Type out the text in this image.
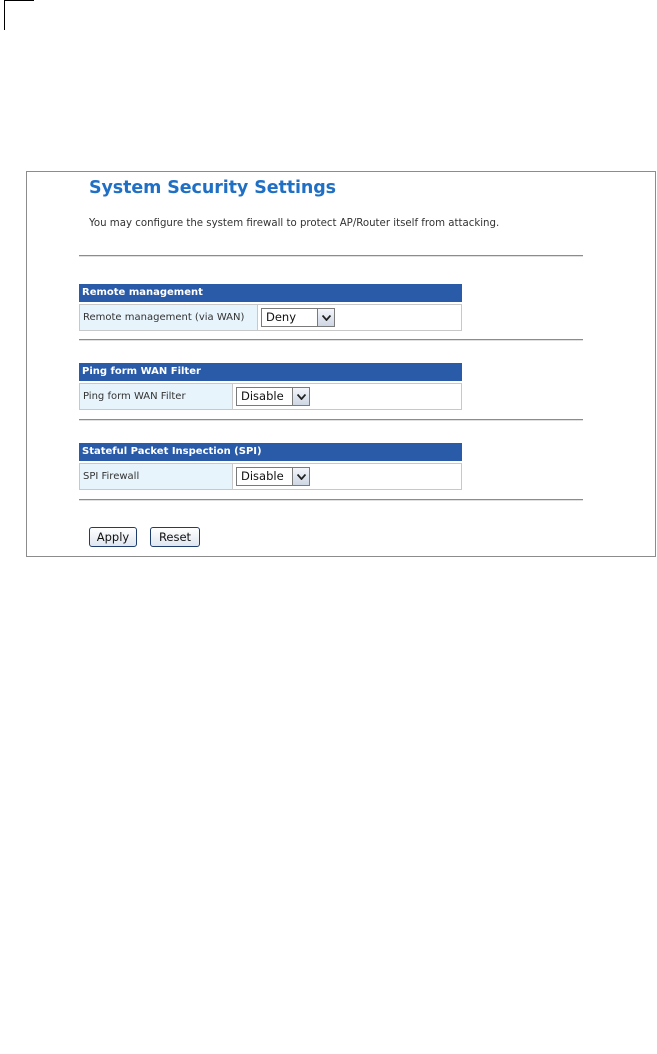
System Security Settings
You may configure the system firewall to protect AP/Router itself from attacking.
Remote management
Remote management (via WAN)	Deny
Ping form WAN Filter
Ping form WAN Filter	Disable
Stateful Packet Inspection (SPI)
SPI Firewall	Disable
Apply	Reset
